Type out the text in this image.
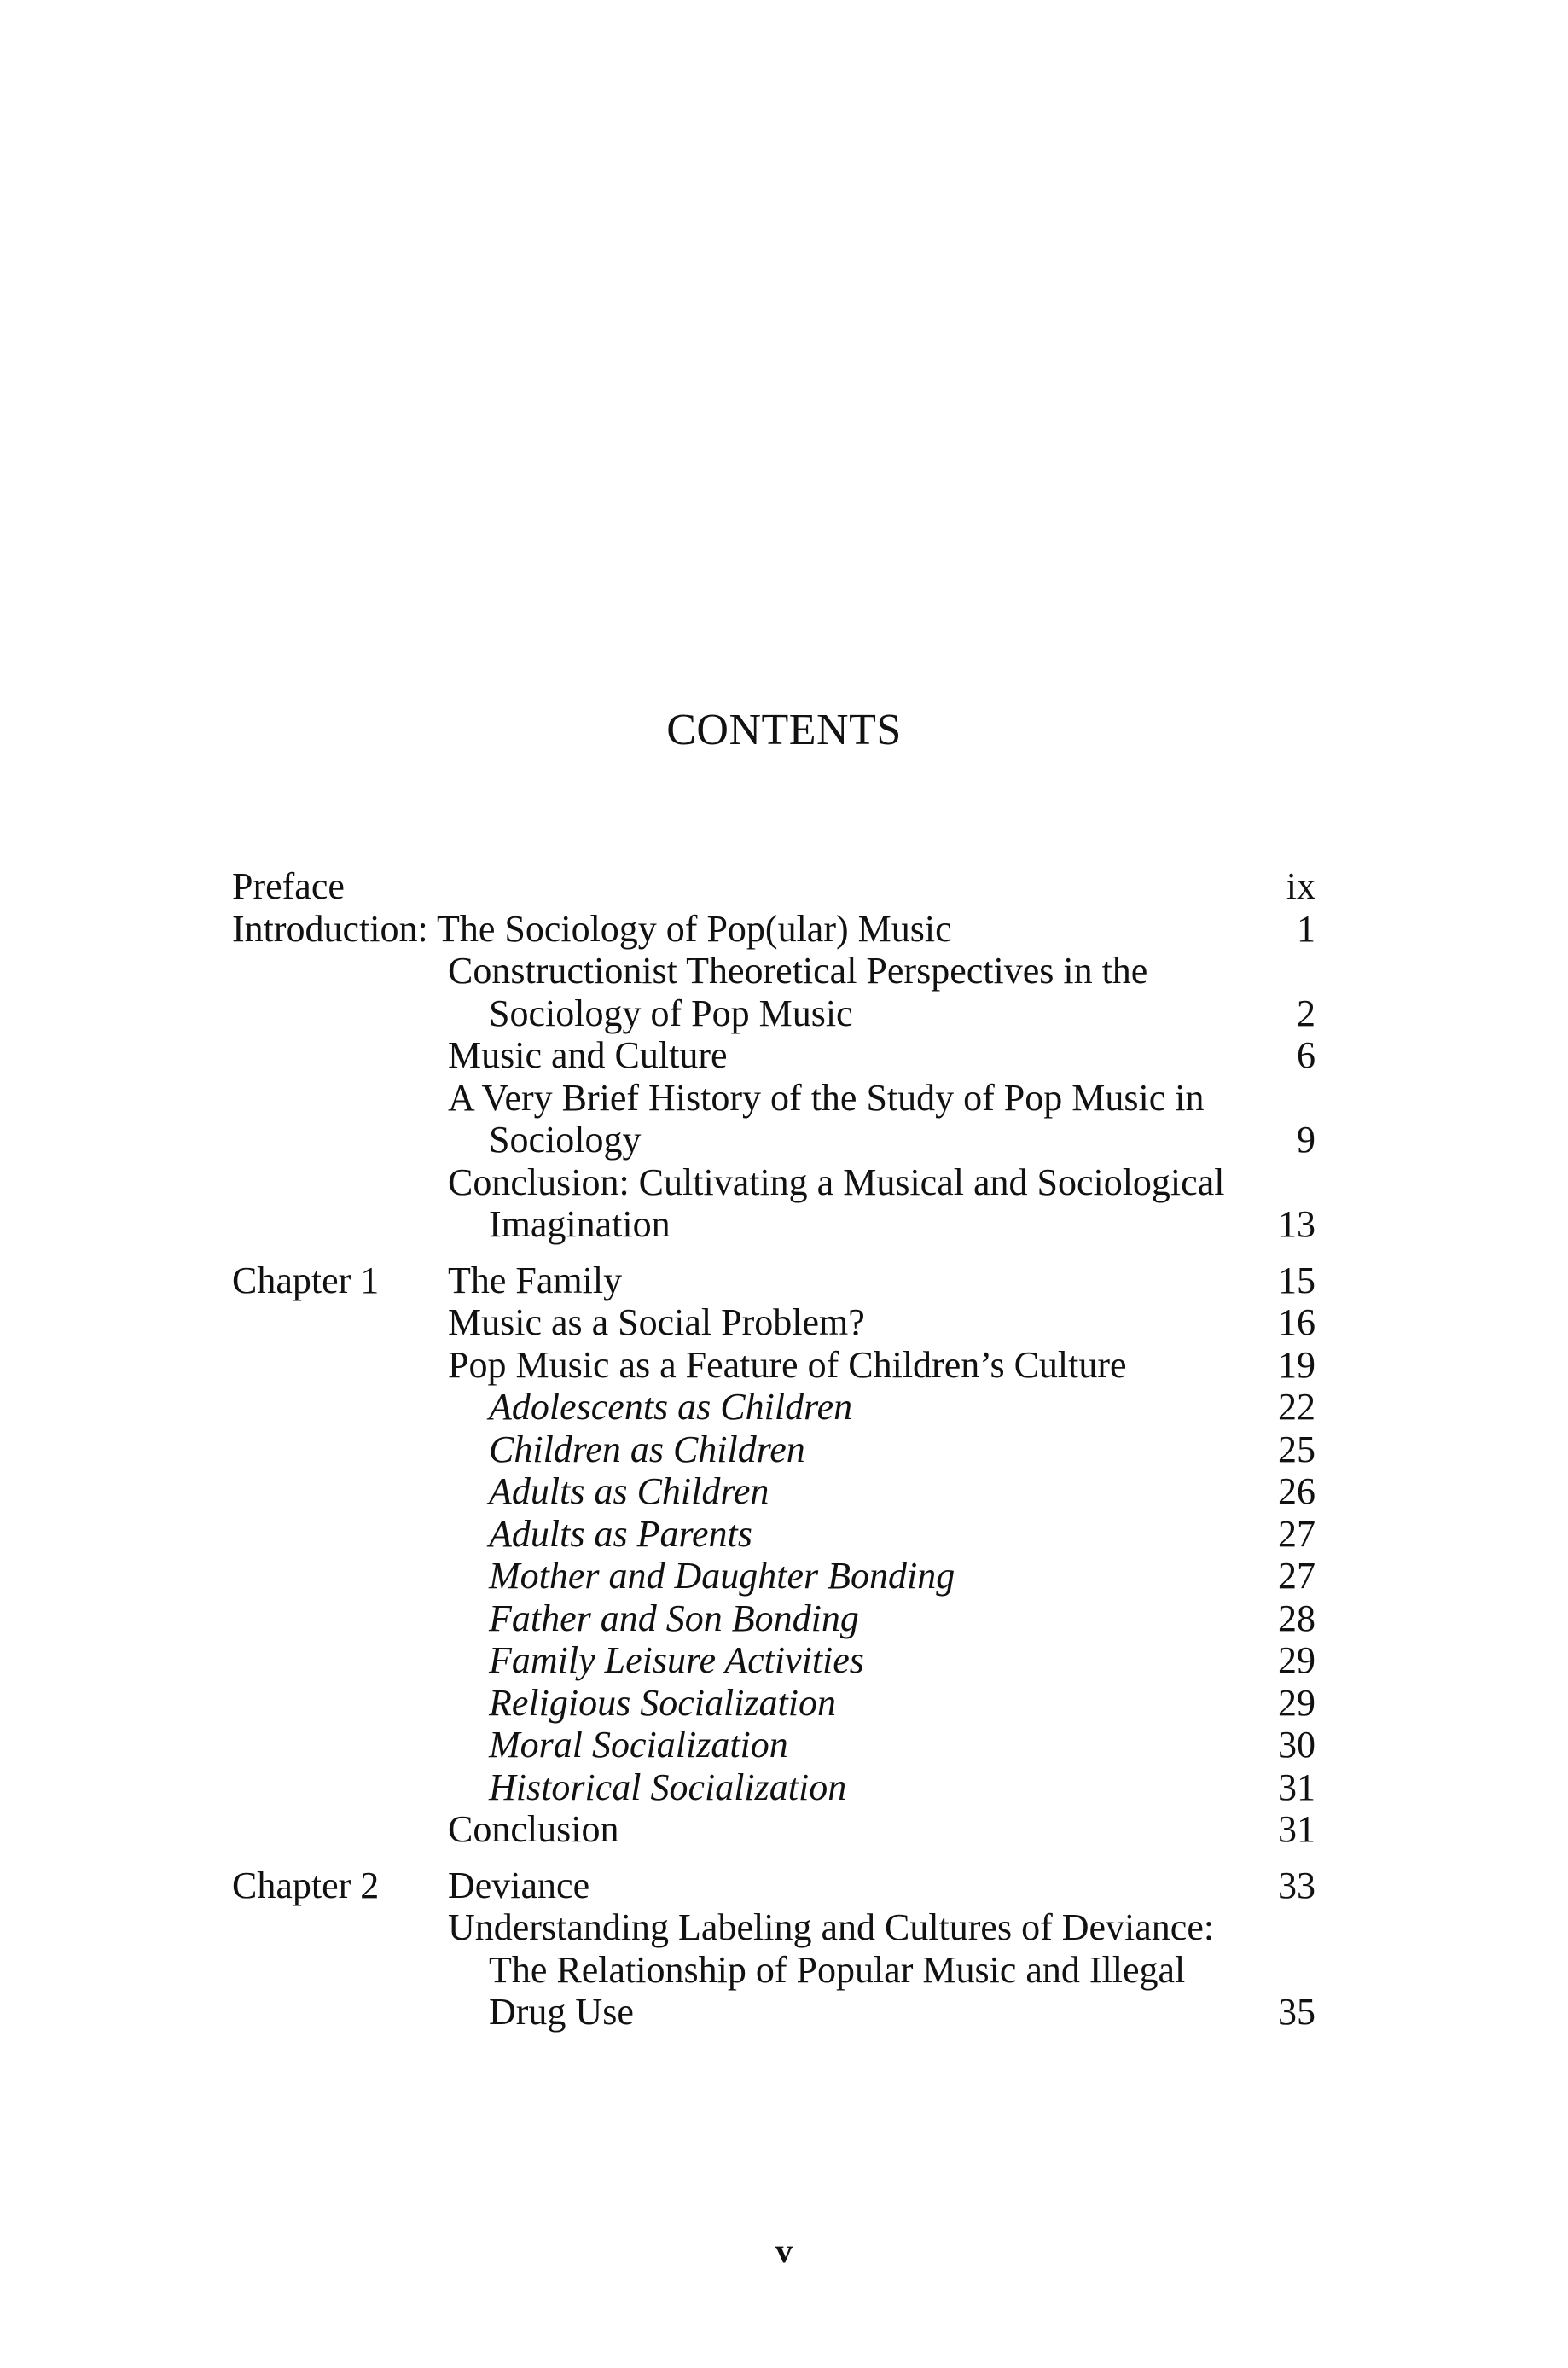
CONTENTS
Preface	ix
Introduction: The Sociology of Pop(ular) Music	1
Constructionist Theoretical Perspectives in the
Sociology of Pop Music	2
Music and Culture	6
A Very Brief History of the Study of Pop Music in
Sociology	9
Conclusion: Cultivating a Musical and Sociological
Imagination	13
Chapter 1 The Family	15
Music as a Social Problem?	16
Pop Music as a Feature of Children’s Culture	19
Adolescents as Children	22
Children as Children	25
Adults as Children	26
Adults as Parents	27
Mother and Daughter Bonding	27
Father and Son Bonding	28
Family Leisure Activities	29
Religious Socialization	29
Moral Socialization	30
Historical Socialization	31
Conclusion	31
Chapter 2 Deviance	33
Understanding Labeling and Cultures of Deviance:
The Relationship of Popular Music and Illegal
Drug Use	35
v
